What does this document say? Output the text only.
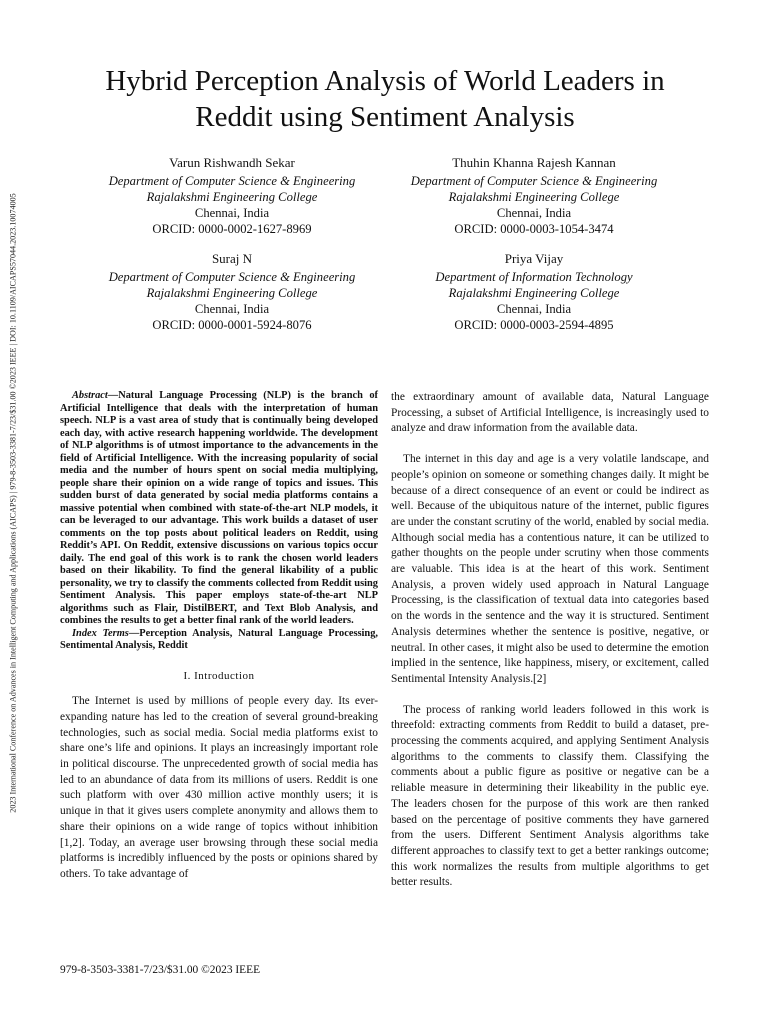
2023 International Conference on Advances in Intelligent Computing and Applications (AICAPS) | 979-8-3503-3381-7/23/$31.00 ©2023 IEEE | DOI: 10.1109/AICAPS57044.2023.10074005
Hybrid Perception Analysis of World Leaders in
Reddit using Sentiment Analysis
Varun Rishwandh Sekar
Department of Computer Science & Engineering
Rajalakshmi Engineering College
Chennai, India
ORCID: 0000-0002-1627-8969
Thuhin Khanna Rajesh Kannan
Department of Computer Science & Engineering
Rajalakshmi Engineering College
Chennai, India
ORCID: 0000-0003-1054-3474
Suraj N
Department of Computer Science & Engineering
Rajalakshmi Engineering College
Chennai, India
ORCID: 0000-0001-5924-8076
Priya Vijay
Department of Information Technology
Rajalakshmi Engineering College
Chennai, India
ORCID: 0000-0003-2594-4895

Abstract—Natural Language Processing (NLP) is the branch of Artificial Intelligence that deals with the interpretation of human speech. NLP is a vast area of study that is continually being developed each day, with active research happening worldwide. The development of NLP algorithms is of utmost importance to the advancements in the field of Artificial Intelligence. With the increasing popularity of social media and the number of hours spent on social media multiplying, people share their opinion on a wide range of topics and issues. This sudden burst of data generated by social media platforms contains a massive potential when combined with state-of-the-art NLP models, it can be leveraged to our advantage. This work builds a dataset of user comments on the top posts about political leaders on Reddit, using Reddit’s API. On Reddit, extensive discussions on various topics occur daily. The end goal of this work is to rank the chosen world leaders based on their likability. To find the general likability of a public personality, we try to classify the comments collected from Reddit using Sentiment Analysis. This paper employs state-of-the-art NLP algorithms such as Flair, DistilBERT, and Text Blob Analysis, and combines the results to get a better final rank of the world leaders.

Index Terms—Perception Analysis, Natural Language Processing, Sentimental Analysis, Reddit

I. Introduction

The Internet is used by millions of people every day. Its ever-expanding nature has led to the creation of several ground-breaking technologies, such as social media. Social media platforms exist to share one’s life and opinions. It plays an increasingly important role in political discourse. The unprecedented growth of social media has led to an abundance of data from its millions of users. Reddit is one such platform with over 430 million active monthly users; it is unique in that it gives users complete anonymity and allows them to share their opinions on a wide range of topics without inhibition [1,2]. Today, an average user browsing through these social media platforms is incredibly influenced by the posts or opinions shared by others. To take advantage of

the extraordinary amount of available data, Natural Language Processing, a subset of Artificial Intelligence, is increasingly used to analyze and draw information from the available data.

The internet in this day and age is a very volatile landscape, and people’s opinion on someone or something changes daily. It might be because of a direct consequence of an event or could be indirect as well. Because of the ubiquitous nature of the internet, public figures are under the constant scrutiny of the world, enabled by social media. Although social media has a contentious nature, it can be utilized to gather thoughts on the people under scrutiny when those comments are valuable. This idea is at the heart of this work. Sentiment Analysis, a proven widely used approach in Natural Language Processing, is the classification of textual data into categories based on the words in the sentence and the way it is structured. Sentiment Analysis determines whether the sentence is positive, negative, or neutral. In other cases, it might also be used to determine the emotion implied in the sentence, like happiness, misery, or excitement, called Sentimental Intensity Analysis.[2]

The process of ranking world leaders followed in this work is threefold: extracting comments from Reddit to build a dataset, pre-processing the comments acquired, and applying Sentiment Analysis algorithms to the comments to classify them. Classifying the comments about a public figure as positive or negative can be a reliable measure in determining their likeability in the public eye. The leaders chosen for the purpose of this work are then ranked based on the percentage of positive comments they have garnered from the users. Different Sentiment Analysis algorithms take different approaches to classify text to get a better rankings outcome; this work normalizes the results from multiple algorithms to get better results.

979-8-3503-3381-7/23/$31.00 ©2023 IEEE
